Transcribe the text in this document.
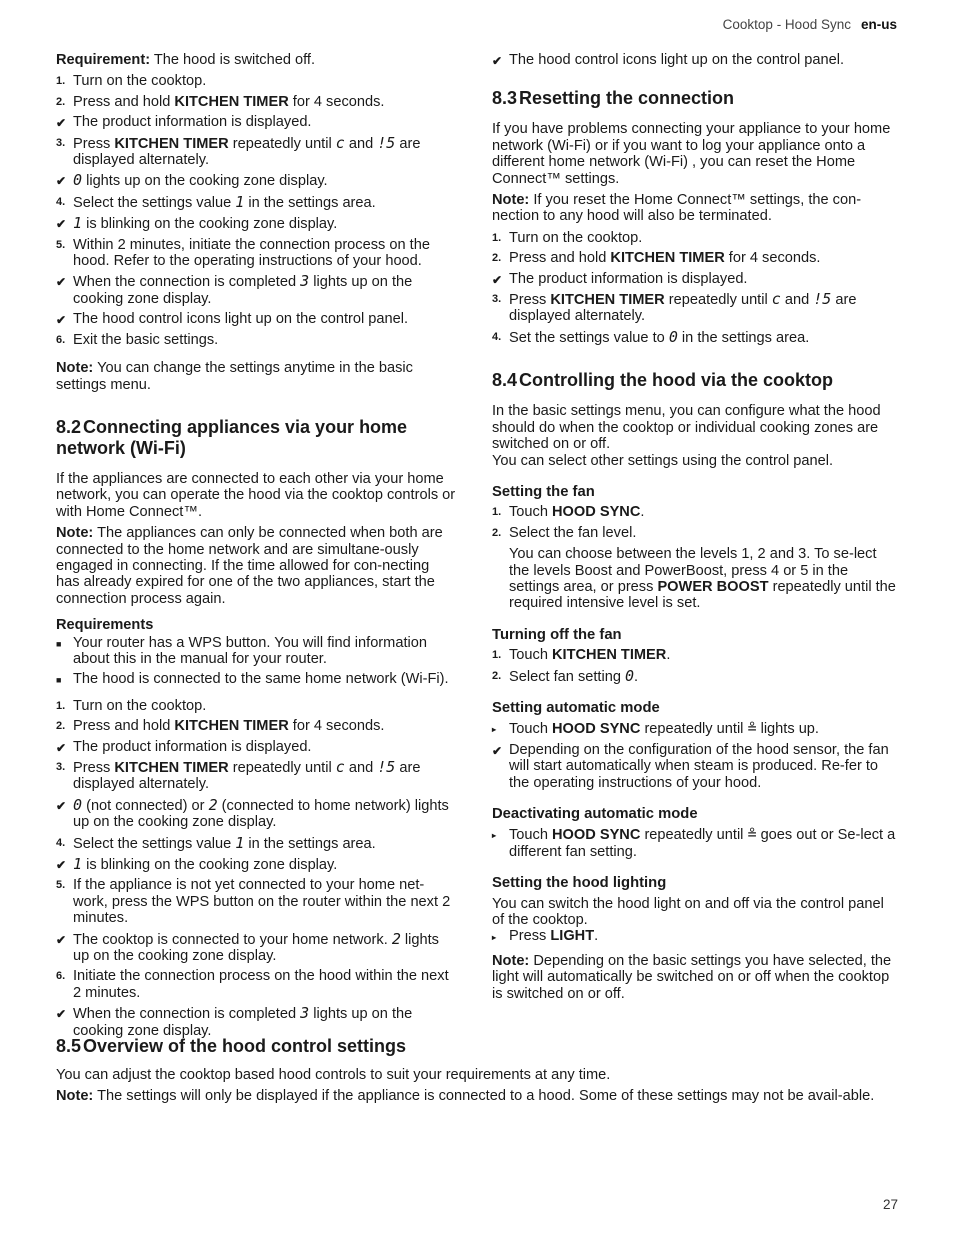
Cooktop - Hood Sync en-us

Requirement: The hood is switched off.

1. Turn on the cooktop.
2. Press and hold KITCHEN TIMER for 4 seconds.
✔ The product information is displayed.
3. Press KITCHEN TIMER repeatedly until c and !5 are displayed alternately.
✔ 0 lights up on the cooking zone display.
4. Select the settings value 1 in the settings area.
✔ 1 is blinking on the cooking zone display.
5. Within 2 minutes, initiate the connection process on the hood. Refer to the operating instructions of your hood.
✔ When the connection is completed 3 lights up on the cooking zone display.
✔ The hood control icons light up on the control panel.
6. Exit the basic settings.

Note: You can change the settings anytime in the basic settings menu.

8.2 Connecting appliances via your home network (Wi-Fi)

If the appliances are connected to each other via your home network, you can operate the hood via the cooktop controls or with Home Connect™.

Note: The appliances can only be connected when both are connected to the home network and are simultane-ously engaged in connecting. If the time allowed for con-necting has already expired for one of the two appliances, start the connection process again.

Requirements
■ Your router has a WPS button. You will find information about this in the manual for your router.
■ The hood is connected to the same home network (Wi-Fi).
1. Turn on the cooktop.
2. Press and hold KITCHEN TIMER for 4 seconds.
✔ The product information is displayed.
3. Press KITCHEN TIMER repeatedly until c and !5 are displayed alternately.
✔ 0 (not connected) or 2 (connected to home network) lights up on the cooking zone display.
4. Select the settings value 1 in the settings area.
✔ 1 is blinking on the cooking zone display.
5. If the appliance is not yet connected to your home net-work, press the WPS button on the router within the next 2 minutes.
✔ The cooktop is connected to your home network. 2 lights up on the cooking zone display.
6. Initiate the connection process on the hood within the next 2 minutes.
✔ When the connection is completed 3 lights up on the cooking zone display.
✔ The hood control icons light up on the control panel.
8.3 Resetting the connection

If you have problems connecting your appliance to your home network (Wi-Fi) or if you want to log your appliance onto a different home network (Wi-Fi) , you can reset the Home Connect™ settings.

Note: If you reset the Home Connect™ settings, the con-nection to any hood will also be terminated.

1. Turn on the cooktop.
2. Press and hold KITCHEN TIMER for 4 seconds.
✔ The product information is displayed.
3. Press KITCHEN TIMER repeatedly until c and !5 are displayed alternately.
4. Set the settings value to 0 in the settings area.
8.4 Controlling the hood via the cooktop

In the basic settings menu, you can configure what the hood should do when the cooktop or individual cooking zones are switched on or off.

You can select other settings using the control panel.

Setting the fan
1. Touch HOOD SYNC.
2. Select the fan level.
You can choose between the levels 1, 2 and 3. To se-lect the levels Boost and PowerBoost, press 4 or 5 in the settings area, or press POWER BOOST repeatedly until the required intensive level is set.
Turning off the fan
1. Touch KITCHEN TIMER.
2. Select fan setting 0.
Setting automatic mode
▸ Touch HOOD SYNC repeatedly until ≗ lights up.
✔ Depending on the configuration of the hood sensor, the fan will start automatically when steam is produced. Re-fer to the operating instructions of your hood.
Deactivating automatic mode
▸ Touch HOOD SYNC repeatedly until ≗ goes out or Se-lect a different fan setting.
Setting the hood lighting

You can switch the hood light on and off via the control panel of the cooktop.

▸ Press LIGHT.

Note: Depending on the basic settings you have selected, the light will automatically be switched on or off when the cooktop is switched on or off.

8.5 Overview of the hood control settings

You can adjust the cooktop based hood controls to suit your requirements at any time.

Note: The settings will only be displayed if the appliance is connected to a hood. Some of these settings may not be avail-able.

27
